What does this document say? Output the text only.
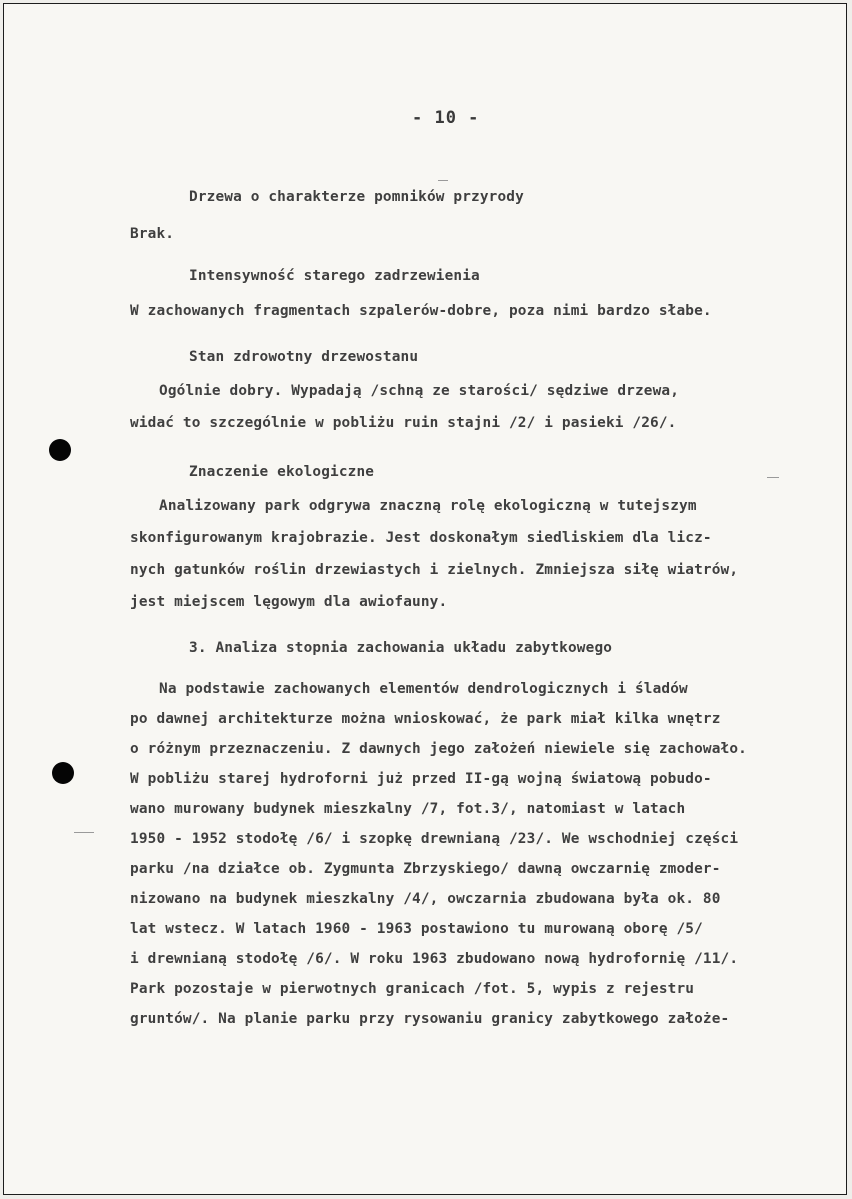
- 10 -
Drzewa o charakterze pomników przyrody
Brak.
Intensywność starego zadrzewienia
W zachowanych fragmentach szpalerów-dobre, poza nimi bardzo słabe.
Stan zdrowotny drzewostanu
Ogólnie dobry. Wypadają /schną ze starości/ sędziwe drzewa,
widać to szczególnie w pobliżu ruin stajni /2/ i pasieki /26/.
Znaczenie ekologiczne
Analizowany park odgrywa znaczną rolę ekologiczną w tutejszym
skonfigurowanym krajobrazie. Jest doskonałym siedliskiem dla licz-
nych gatunków roślin drzewiastych i zielnych. Zmniejsza siłę wiatrów,
jest miejscem lęgowym dla awiofauny.
3. Analiza stopnia zachowania układu zabytkowego
Na podstawie zachowanych elementów dendrologicznych i śladów
po dawnej architekturze można wnioskować, że park miał kilka wnętrz
o różnym przeznaczeniu. Z dawnych jego założeń niewiele się zachowało.
W pobliżu starej hydroforni już przed II-gą wojną światową pobudo-
wano murowany budynek mieszkalny /7, fot.3/, natomiast w latach
1950 - 1952 stodołę /6/ i szopkę drewnianą /23/. We wschodniej części
parku /na działce ob. Zygmunta Zbrzyskiego/ dawną owczarnię zmoder-
nizowano na budynek mieszkalny /4/, owczarnia zbudowana była ok. 80
lat wstecz. W latach 1960 - 1963 postawiono tu murowaną oborę /5/
i drewnianą stodołę /6/. W roku 1963 zbudowano nową hydrofornię /11/.
Park pozostaje w pierwotnych granicach /fot. 5, wypis z rejestru
gruntów/. Na planie parku przy rysowaniu granicy zabytkowego założe-
